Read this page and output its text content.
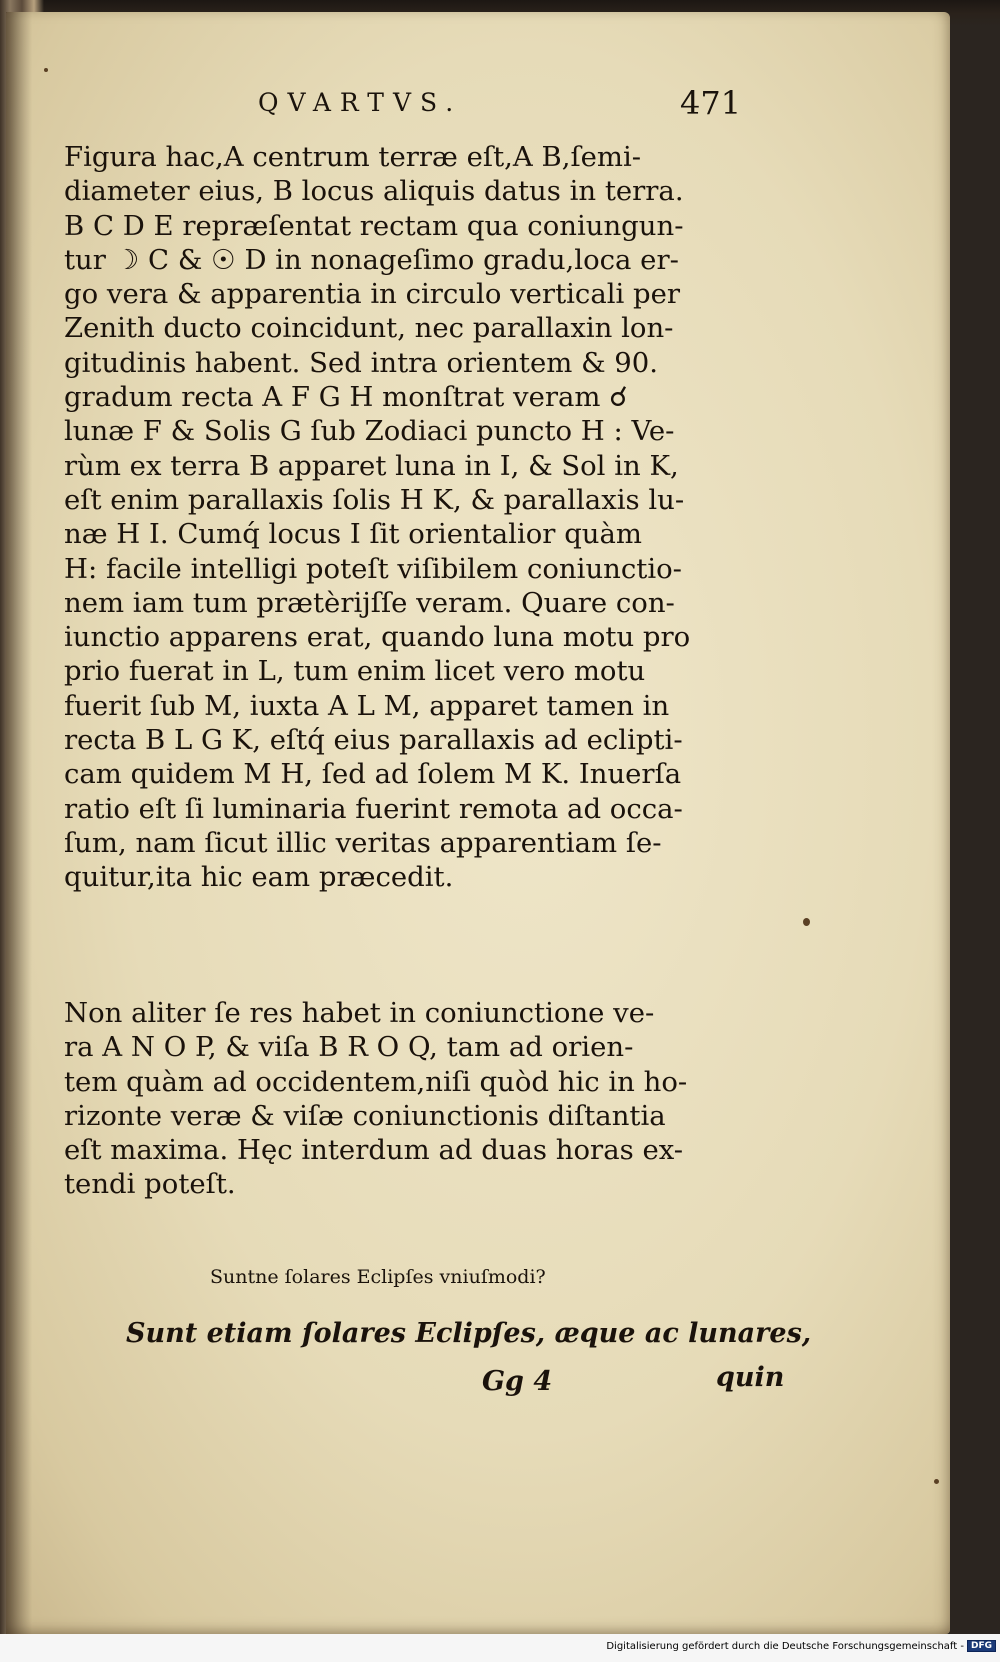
QVARTVS.	471
Figura hac,A centrum terræ eſt,A B,ſemi-
diameter eius, B locus aliquis datus in terra.
B C D E repræſentat rectam qua coniungun-
tur ☽ C & ☉ D in nonageſimo gradu,loca er-
go vera & apparentia in circulo verticali per
Zenith ducto coincidunt, nec parallaxin lon-
gitudinis habent. Sed intra orientem & 90.
gradum recta A F G H monſtrat veram ☌
lunæ F & Solis G ſub Zodiaci puncto H : Ve-
rùm ex terra B apparet luna in I, & Sol in K,
eſt enim parallaxis ſolis H K, & parallaxis lu-
næ H I. Cumq́ locus I ſit orientalior quàm
H: facile intelligi poteſt viſibilem coniunctio-
nem iam tum prætèrijſſe veram. Quare con-
iunctio apparens erat, quando luna motu pro
prio fuerat in L, tum enim licet vero motu
fuerit ſub M, iuxta A L M, apparet tamen in
recta B L G K, eſtq́ eius parallaxis ad eclipti-
cam quidem M H, ſed ad ſolem M K. Inuerſa
ratio eſt ſi luminaria fuerint remota ad occa-
ſum, nam ſicut illic veritas apparentiam ſe-
quitur,ita hic eam præcedit.
Non aliter ſe res habet in coniunctione ve-
ra A N O P, & viſa B R O Q, tam ad orien-
tem quàm ad occidentem,niſi quòd hic in ho-
rizonte veræ & viſæ coniunctionis diſtantia
eſt maxima. Hęc interdum ad duas horas ex-
tendi poteſt.
Suntne ſolares Eclipſes vniuſmodi?
Sunt etiam ſolares Eclipſes, æque ac lunares,
Gg 4	quin
Digitalisierung gefördert durch die Deutsche Forschungsgemeinschaft - DFG
